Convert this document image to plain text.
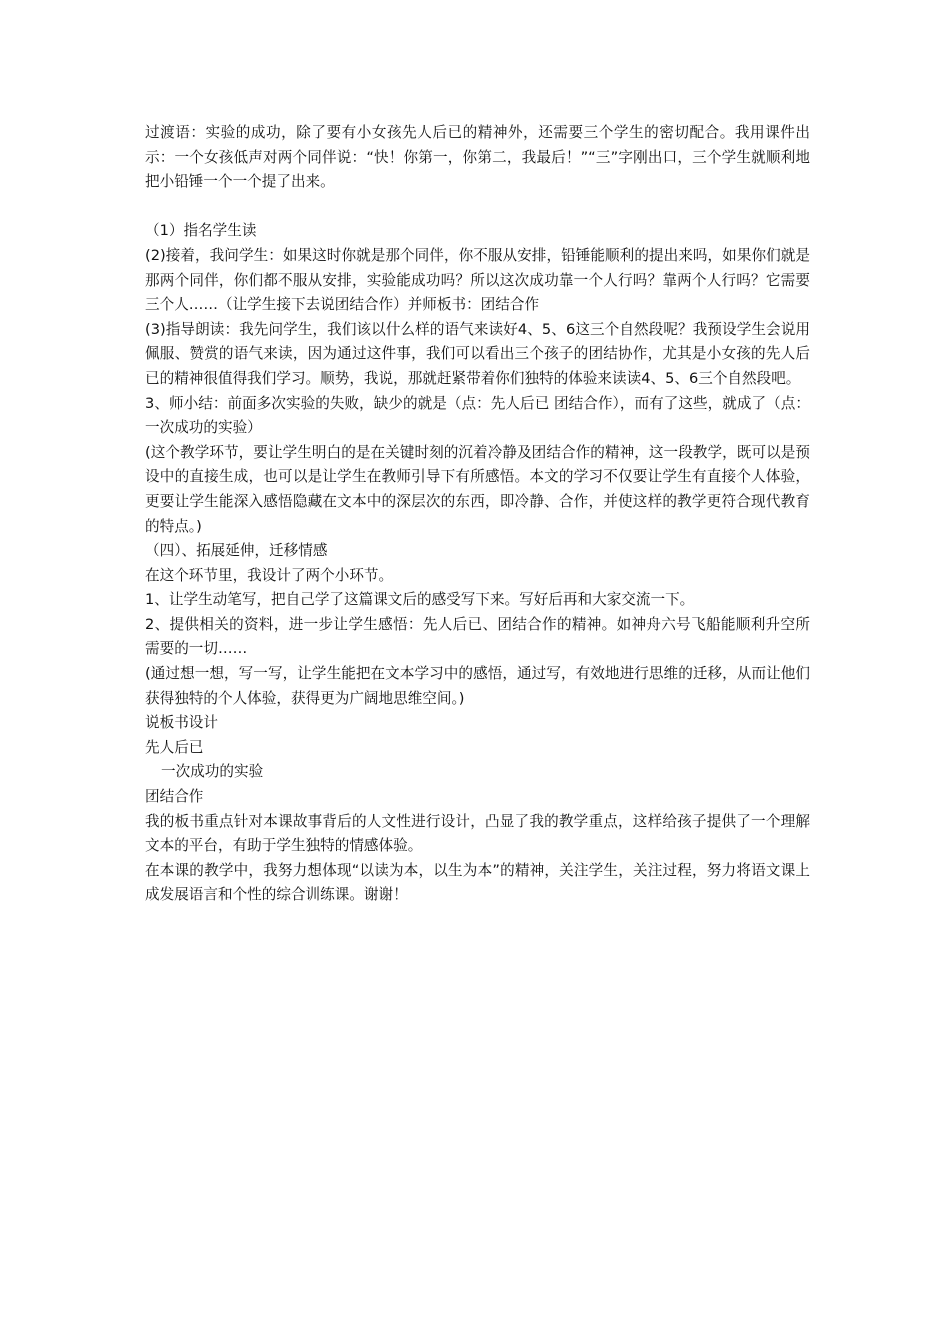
过渡语：实验的成功，除了要有小女孩先人后已的精神外，还需要三个学生的密切配合。我用课件出示：一个女孩低声对两个同伴说：“快！你第一，你第二，我最后！”“三”字刚出口，三个学生就顺利地把小铅锤一个一个提了出来。

（1）指名学生读

(2)接着，我问学生：如果这时你就是那个同伴，你不服从安排，铅锤能顺利的提出来吗，如果你们就是那两个同伴，你们都不服从安排，实验能成功吗？所以这次成功靠一个人行吗？靠两个人行吗？它需要三个人……（让学生接下去说团结合作）并师板书：团结合作

(3)指导朗读：我先问学生，我们该以什么样的语气来读好4、5、6这三个自然段呢？我预设学生会说用佩服、赞赏的语气来读，因为通过这件事，我们可以看出三个孩子的团结协作，尤其是小女孩的先人后已的精神很值得我们学习。顺势，我说，那就赶紧带着你们独特的体验来读读4、5、6三个自然段吧。

3、师小结：前面多次实验的失败，缺少的就是（点：先人后已 团结合作），而有了这些，就成了（点：一次成功的实验）

(这个教学环节，要让学生明白的是在关键时刻的沉着冷静及团结合作的精神，这一段教学，既可以是预设中的直接生成，也可以是让学生在教师引导下有所感悟。本文的学习不仅要让学生有直接个人体验，更要让学生能深入感悟隐藏在文本中的深层次的东西，即冷静、合作，并使这样的教学更符合现代教育的特点。)

（四）、拓展延伸，迁移情感

在这个环节里，我设计了两个小环节。

1、让学生动笔写，把自己学了这篇课文后的感受写下来。写好后再和大家交流一下。

2、提供相关的资料，进一步让学生感悟：先人后已、团结合作的精神。如神舟六号飞船能顺利升空所需要的一切……

(通过想一想，写一写，让学生能把在文本学习中的感悟，通过写，有效地进行思维的迁移，从而让他们获得独特的个人体验，获得更为广阔地思维空间。)

说板书设计

先人后已

一次成功的实验

团结合作

我的板书重点针对本课故事背后的人文性进行设计，凸显了我的教学重点，这样给孩子提供了一个理解文本的平台，有助于学生独特的情感体验。

在本课的教学中，我努力想体现“以读为本，以生为本”的精神，关注学生，关注过程，努力将语文课上成发展语言和个性的综合训练课。谢谢！
